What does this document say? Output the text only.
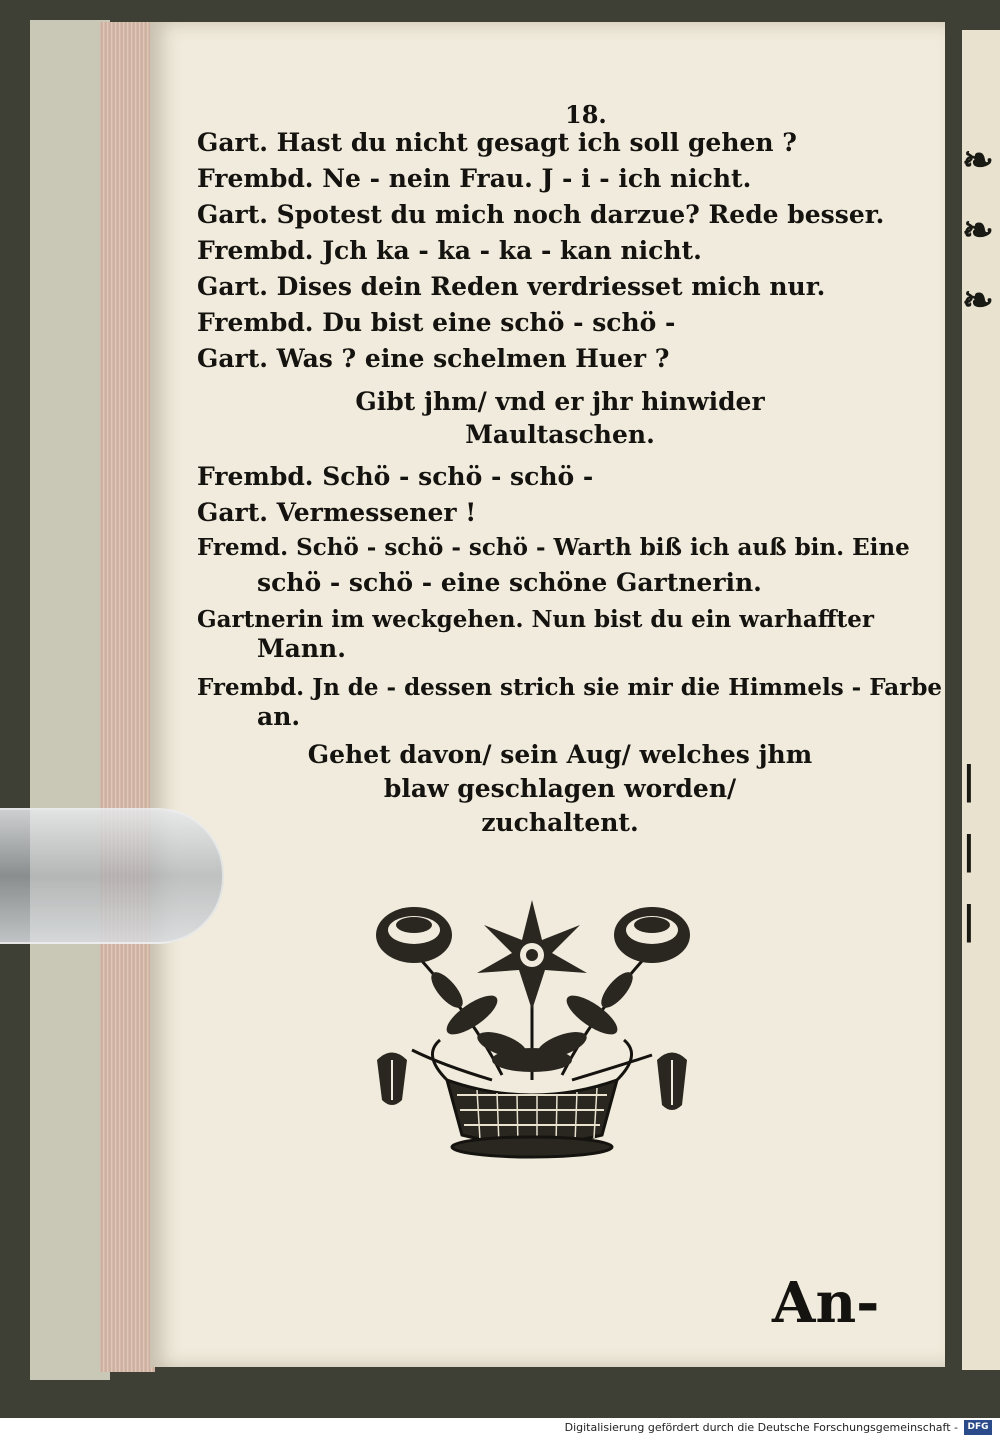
18.
Gart. Hast du nicht gesagt ich soll gehen ?
Frembd. Ne - nein Frau. J - i - ich nicht.
Gart. Spotest du mich noch darzue? Rede besser.
Frembd. Jch ka - ka - ka - kan nicht.
Gart. Dises dein Reden verdriesset mich nur.
Frembd. Du bist eine schö - schö -
Gart. Was ? eine schelmen Huer ?
Gibt jhm/ vnd er jhr hinwider
Maultaschen.
Frembd. Schö - schö - schö -
Gart. Vermessener !
Fremd. Schö - schö - schö - Warth biß ich auß bin. Eine
schö - schö - eine schöne Gartnerin.
Gartnerin im weckgehen. Nun bist du ein warhaffter
Mann.
Frembd. Jn de - dessen strich sie mir die Himmels - Farbe
an.
Gehet davon/ sein Aug/ welches jhm
blaw geschlagen worden/
zuchaltent.
An-
❧
❧
❧
|
|
|
Digitalisierung gefördert durch die Deutsche Forschungsgemeinschaft -	DFG
